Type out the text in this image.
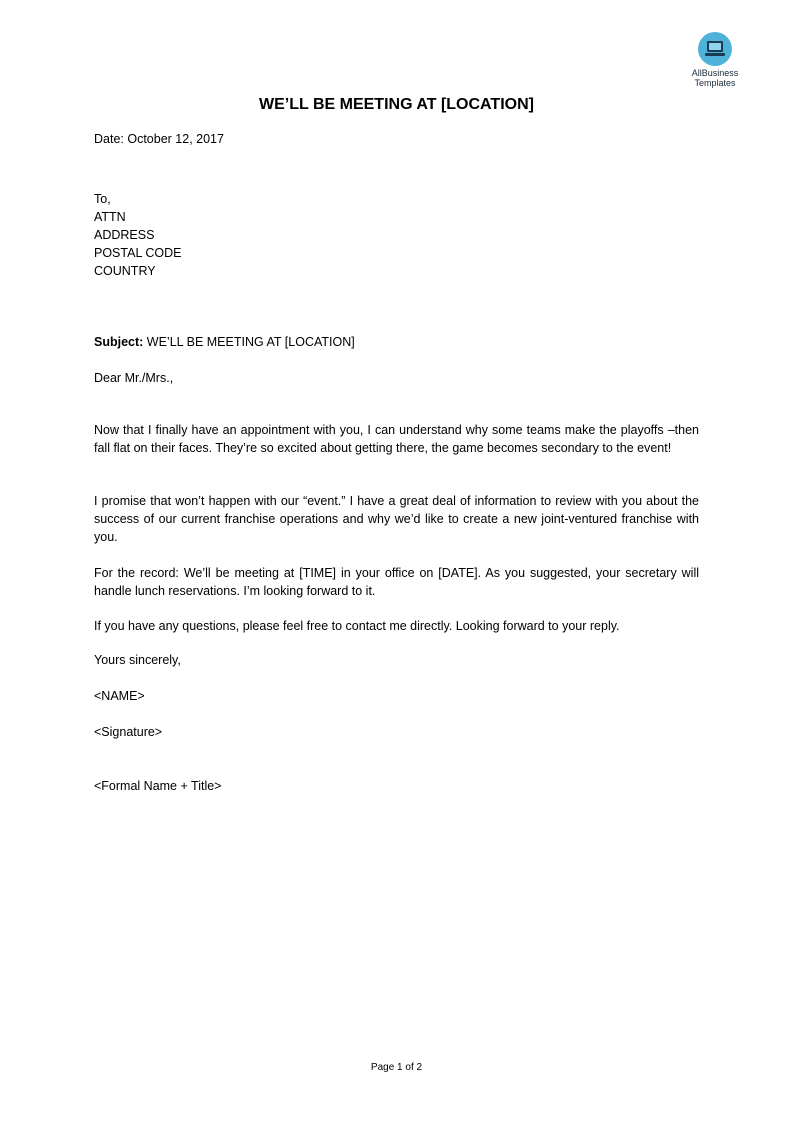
AllBusiness
Templates
WE’LL BE MEETING AT [LOCATION]
Date: October 12, 2017
To,
ATTN
ADDRESS
POSTAL CODE
COUNTRY
Subject: WE’LL BE MEETING AT [LOCATION]
Dear Mr./Mrs.,
Now that I finally have an appointment with you, I can understand why some teams make the playoffs –then fall flat on their faces. They’re so excited about getting there, the game becomes secondary to the event!
I promise that won’t happen with our “event.” I have a great deal of information to review with you about the success of our current franchise operations and why we’d like to create a new joint-ventured franchise with you.
For the record: We’ll be meeting at [TIME] in your office on [DATE]. As you suggested, your secretary will handle lunch reservations. I’m looking forward to it.
If you have any questions, please feel free to contact me directly. Looking forward to your reply.
Yours sincerely,
<NAME>
<Signature>
<Formal Name + Title>
Page 1 of 2
